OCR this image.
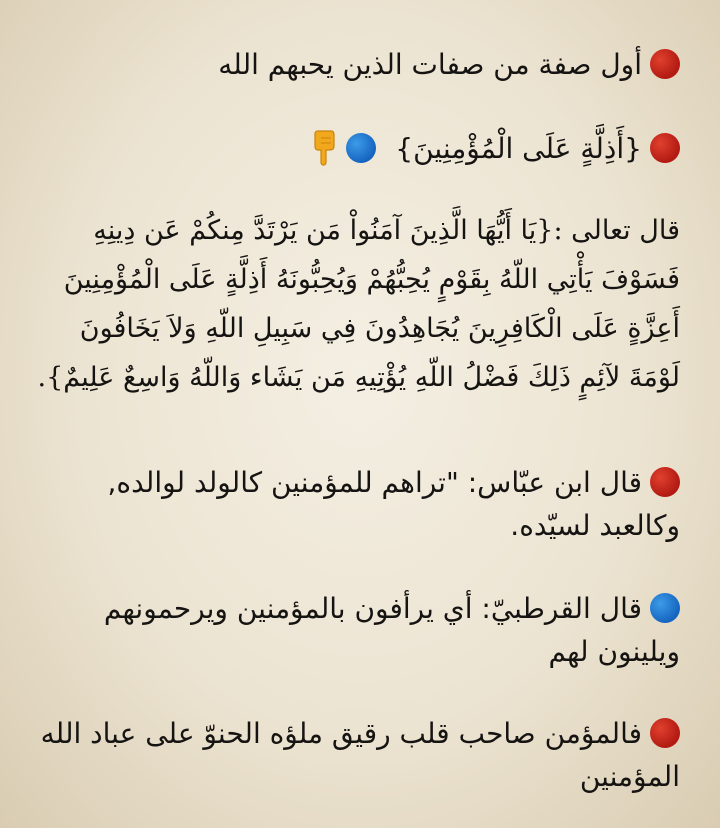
أول صفة من صفات الذين يحبهم الله
{أَذِلَّةٍ عَلَى الْمُؤْمِنِينَ}
قال تعالى :{يَا أَيُّهَا الَّذِينَ آمَنُواْ مَن يَرْتَدَّ مِنكُمْ عَن دِينِهِ فَسَوْفَ يَأْتِي اللّهُ بِقَوْمٍ يُحِبُّهُمْ وَيُحِبُّونَهُ أَذِلَّةٍ عَلَى الْمُؤْمِنِينَ أَعِزَّةٍ عَلَى الْكَافِرِينَ يُجَاهِدُونَ فِي سَبِيلِ اللّهِ وَلاَ يَخَافُونَ لَوْمَةَ لآئِمٍ ذَلِكَ فَضْلُ اللّهِ يُؤْتِيهِ مَن يَشَاء وَاللّهُ وَاسِعٌ عَلِيمٌ}.
قال ابن عبّاس: "تراهم للمؤمنين كالولد لوالده, وكالعبد لسيّده.
قال القرطبيّ: أي يرأفون بالمؤمنين ويرحمونهم ويلينون لهم
فالمؤمن صاحب قلب رقيق ملؤه الحنوّ على عباد الله المؤمنين
